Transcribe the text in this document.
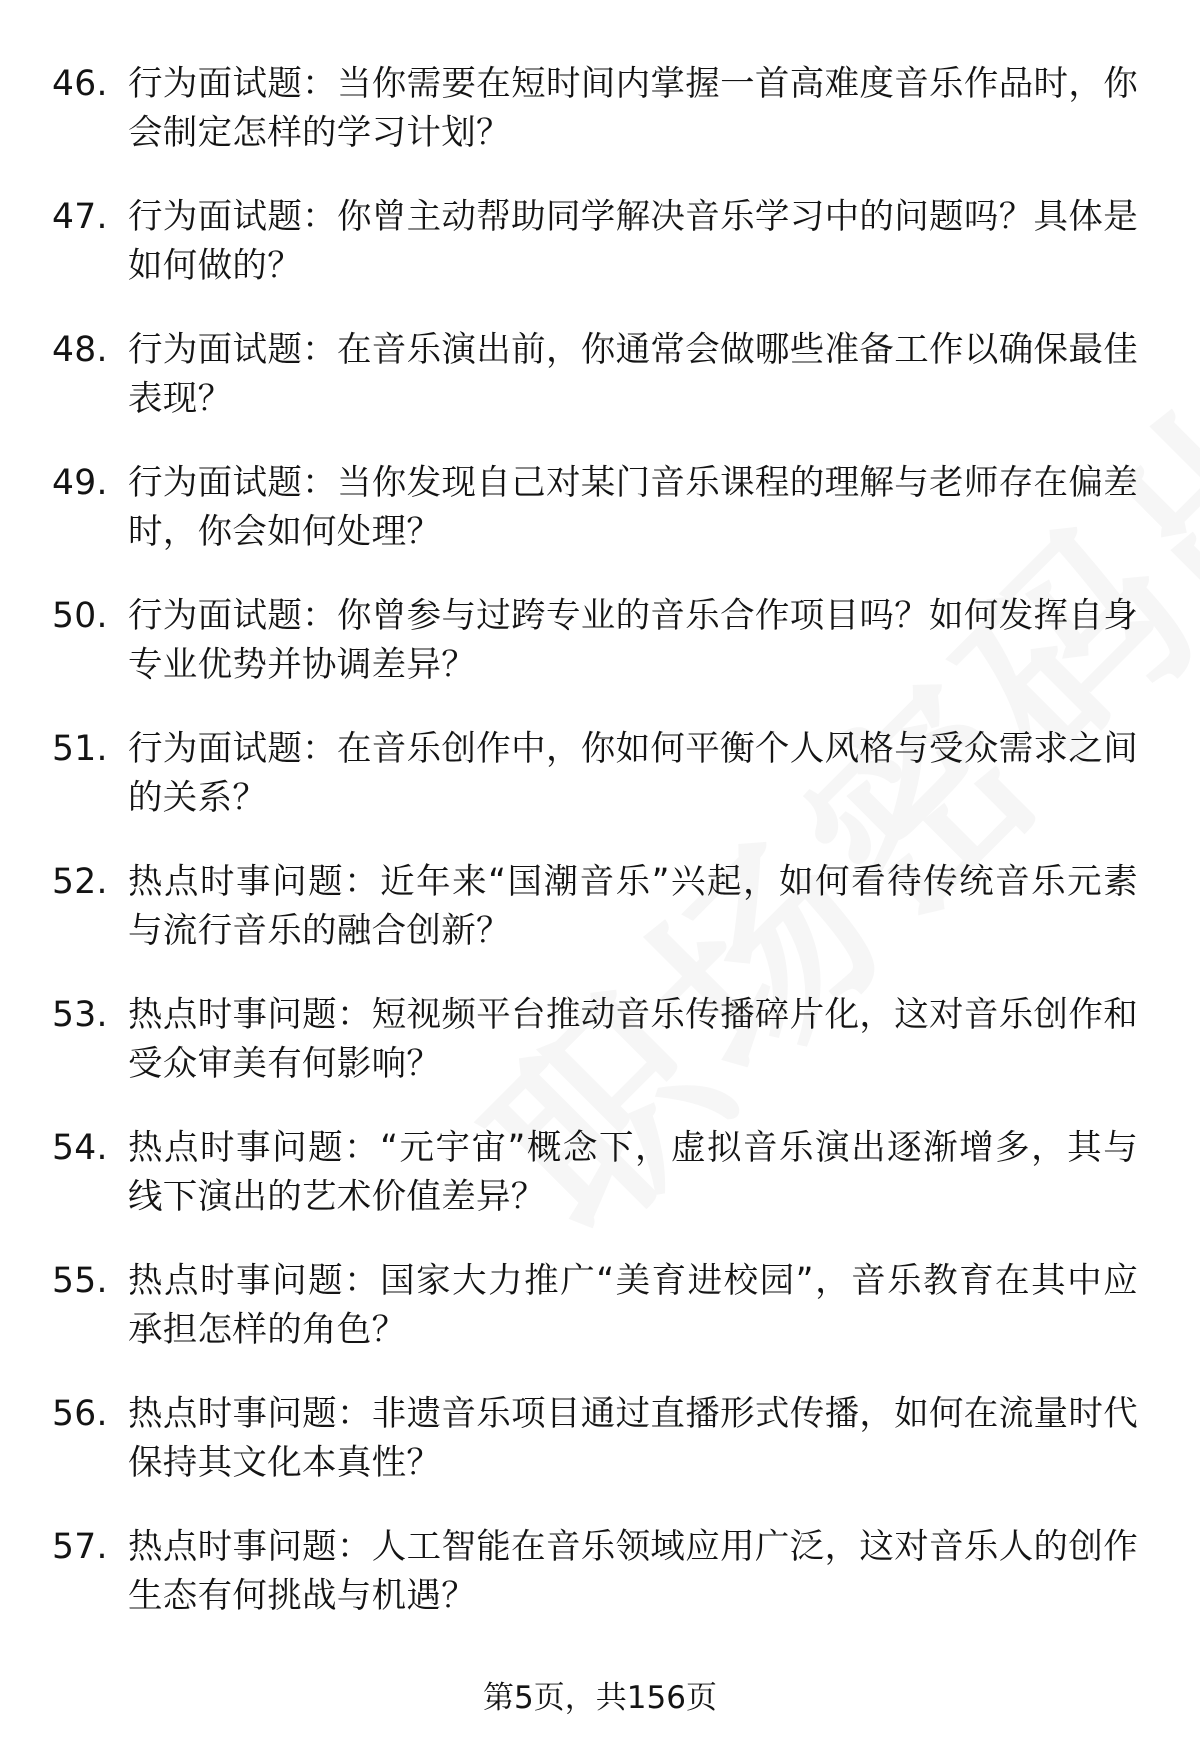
46. 行为面试题：当你需要在短时间内掌握一首高难度音乐作品时，你会制定怎样的学习计划？
47. 行为面试题：你曾主动帮助同学解决音乐学习中的问题吗？具体是如何做的？
48. 行为面试题：在音乐演出前，你通常会做哪些准备工作以确保最佳表现？
49. 行为面试题：当你发现自己对某门音乐课程的理解与老师存在偏差时，你会如何处理？
50. 行为面试题：你曾参与过跨专业的音乐合作项目吗？如何发挥自身专业优势并协调差异？
51. 行为面试题：在音乐创作中，你如何平衡个人风格与受众需求之间的关系？
52. 热点时事问题：近年来“国潮音乐”兴起，如何看待传统音乐元素与流行音乐的融合创新？
53. 热点时事问题：短视频平台推动音乐传播碎片化，这对音乐创作和受众审美有何影响？
54. 热点时事问题：“元宇宙”概念下，虚拟音乐演出逐渐增多，其与线下演出的艺术价值差异？
55. 热点时事问题：国家大力推广“美育进校园”，音乐教育在其中应承担怎样的角色？
56. 热点时事问题：非遗音乐项目通过直播形式传播，如何在流量时代保持其文化本真性？
57. 热点时事问题：人工智能在音乐领域应用广泛，这对音乐人的创作生态有何挑战与机遇？
第5页，共156页
